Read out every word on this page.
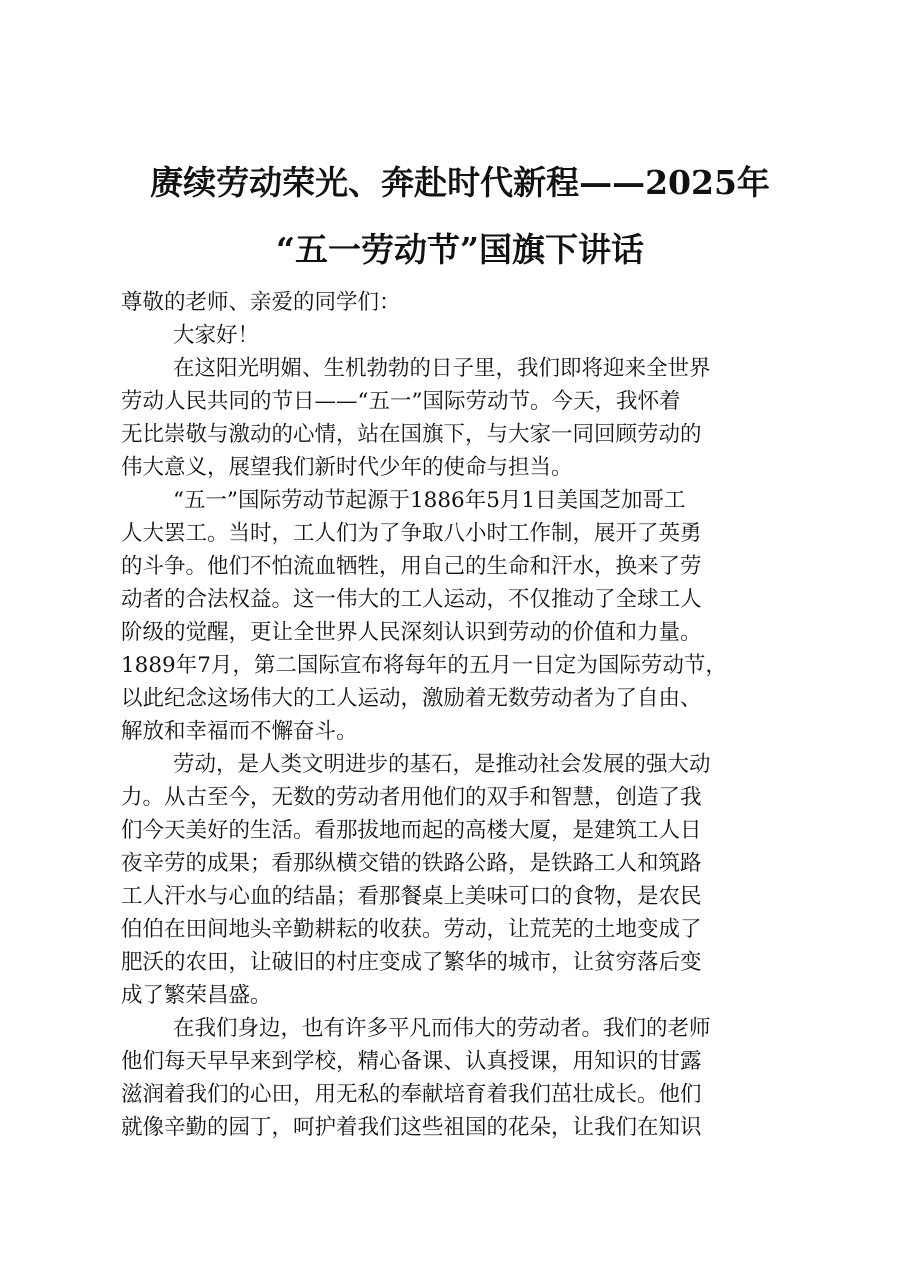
赓续劳动荣光、奔赴时代新程——2025年
“五一劳动节”国旗下讲话
尊敬的老师、亲爱的同学们：
大家好！
在这阳光明媚、生机勃勃的日子里，我们即将迎来全世界
劳动人民共同的节日——“五一”国际劳动节。今天，我怀着
无比崇敬与激动的心情，站在国旗下，与大家一同回顾劳动的
伟大意义，展望我们新时代少年的使命与担当。
“五一”国际劳动节起源于1886年5月1日美国芝加哥工
人大罢工。当时，工人们为了争取八小时工作制，展开了英勇
的斗争。他们不怕流血牺牲，用自己的生命和汗水，换来了劳
动者的合法权益。这一伟大的工人运动，不仅推动了全球工人
阶级的觉醒，更让全世界人民深刻认识到劳动的价值和力量。
1889年7月，第二国际宣布将每年的五月一日定为国际劳动节，
以此纪念这场伟大的工人运动，激励着无数劳动者为了自由、
解放和幸福而不懈奋斗。
劳动，是人类文明进步的基石，是推动社会发展的强大动
力。从古至今，无数的劳动者用他们的双手和智慧，创造了我
们今天美好的生活。看那拔地而起的高楼大厦，是建筑工人日
夜辛劳的成果；看那纵横交错的铁路公路，是铁路工人和筑路
工人汗水与心血的结晶；看那餐桌上美味可口的食物，是农民
伯伯在田间地头辛勤耕耘的收获。劳动，让荒芜的土地变成了
肥沃的农田，让破旧的村庄变成了繁华的城市，让贫穷落后变
成了繁荣昌盛。
在我们身边，也有许多平凡而伟大的劳动者。我们的老师
他们每天早早来到学校，精心备课、认真授课，用知识的甘露
滋润着我们的心田，用无私的奉献培育着我们茁壮成长。他们
就像辛勤的园丁，呵护着我们这些祖国的花朵，让我们在知识
